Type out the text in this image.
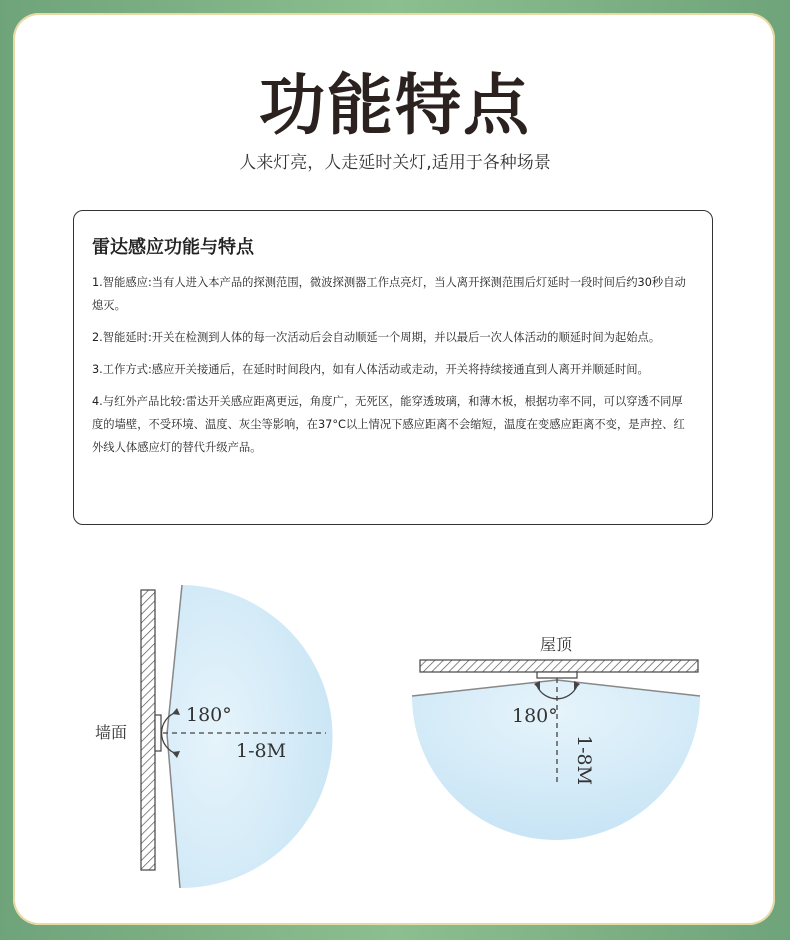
功能特点
人来灯亮，人走延时关灯,适用于各种场景
雷达感应功能与特点
1.智能感应:当有人进入本产品的探测范围，微波探测器工作点亮灯，当人离开探测范围后灯延时一段时间后约30秒自动熄灭。
2.智能延时:开关在检测到人体的每一次活动后会自动顺延一个周期，并以最后一次人体活动的顺延时间为起始点。
3.工作方式:感应开关接通后，在延时时间段内，如有人体活动或走动，开关将持续接通直到人离开并顺延时间。
4.与红外产品比较:雷达开关感应距离更远，角度广，无死区，能穿透玻璃，和薄木板，根据功率不同，可以穿透不同厚度的墙壁，不受环境、温度、灰尘等影响，在37°C以上情况下感应距离不会缩短，温度在变感应距离不变，是声控、红外线人体感应灯的替代升级产品。
墙面
180°
1-8M
屋顶
180°
1-8M
